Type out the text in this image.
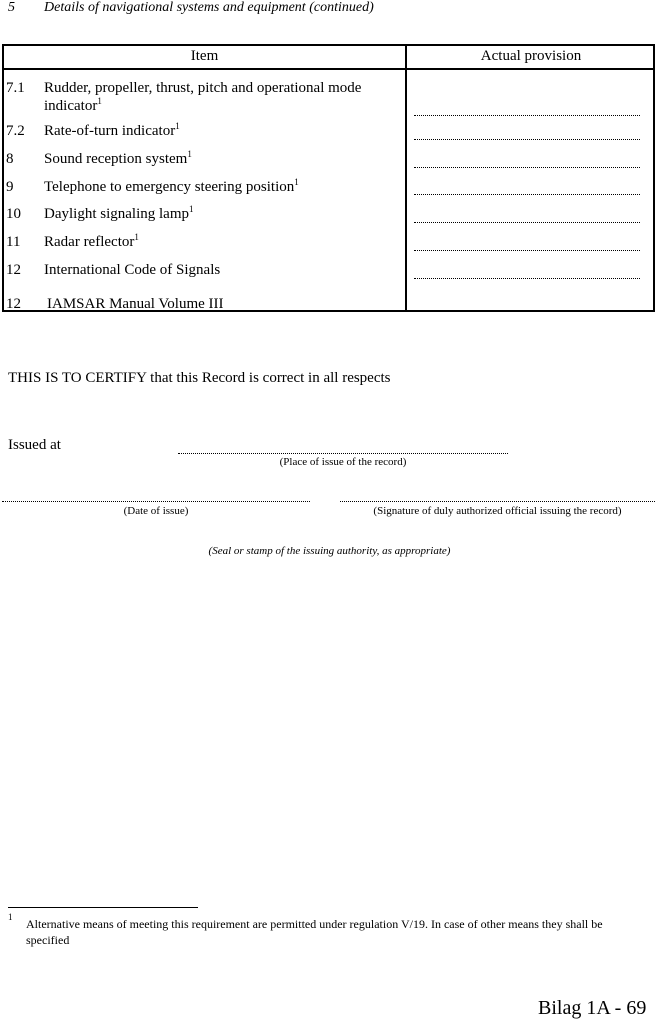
5 Details of navigational systems and equipment (continued)
Item	Actual provision
7.1	Rudder, propeller, thrust, pitch and operational mode
indicator$^1$
7.2	Rate-of-turn indicator$^1$
8	Sound reception system$^1$
9	Telephone to emergency steering position$^1$
10	Daylight signaling lamp$^1$
11	Radar reflector$^1$
12	International Code of Signals
12	IAMSAR Manual Volume III
THIS IS TO CERTIFY that this Record is correct in all respects
Issued at
(Place of issue of the record)
(Date of issue)	(Signature of duly authorized official issuing the record)
(Seal or stamp of the issuing authority, as appropriate)
1 Alternative means of meeting this requirement are permitted under regulation V/19. In case of other means they shall be specified
Bilag 1A - 69
